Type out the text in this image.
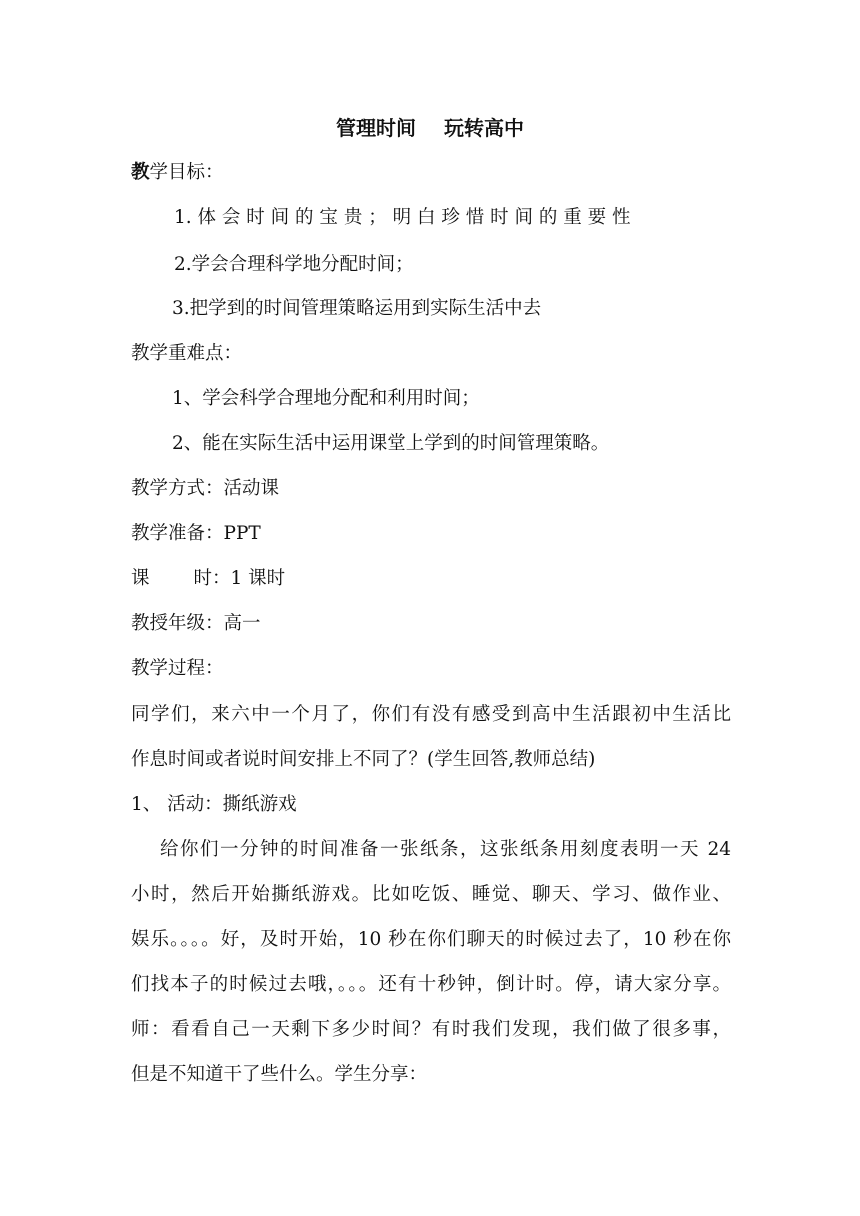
管理时间 玩转高中
教学目标：
1. 体 会 时 间 的 宝 贵 ； 明 白 珍 惜 时 间 的 重 要 性
2.学会合理科学地分配时间；
3.把学到的时间管理策略运用到实际生活中去
教学重难点：
1、学会科学合理地分配和利用时间；
2、能在实际生活中运用课堂上学到的时间管理策略。
教学方式：活动课
教学准备：PPT
课 时：1 课时
教授年级：高一
教学过程：
同学们，来六中一个月了，你们有没有感受到高中生活跟初中生活比
作息时间或者说时间安排上不同了？(学生回答,教师总结)
1、 活动：撕纸游戏
给你们一分钟的时间准备一张纸条，这张纸条用刻度表明一天 24
小时，然后开始撕纸游戏。比如吃饭、睡觉、聊天、学习、做作业、
娱乐。。。。好，及时开始，10 秒在你们聊天的时候过去了，10 秒在你
们找本子的时候过去哦，。。。还有十秒钟，倒计时。停，请大家分享。
师：看看自己一天剩下多少时间？有时我们发现，我们做了很多事，
但是不知道干了些什么。学生分享：
